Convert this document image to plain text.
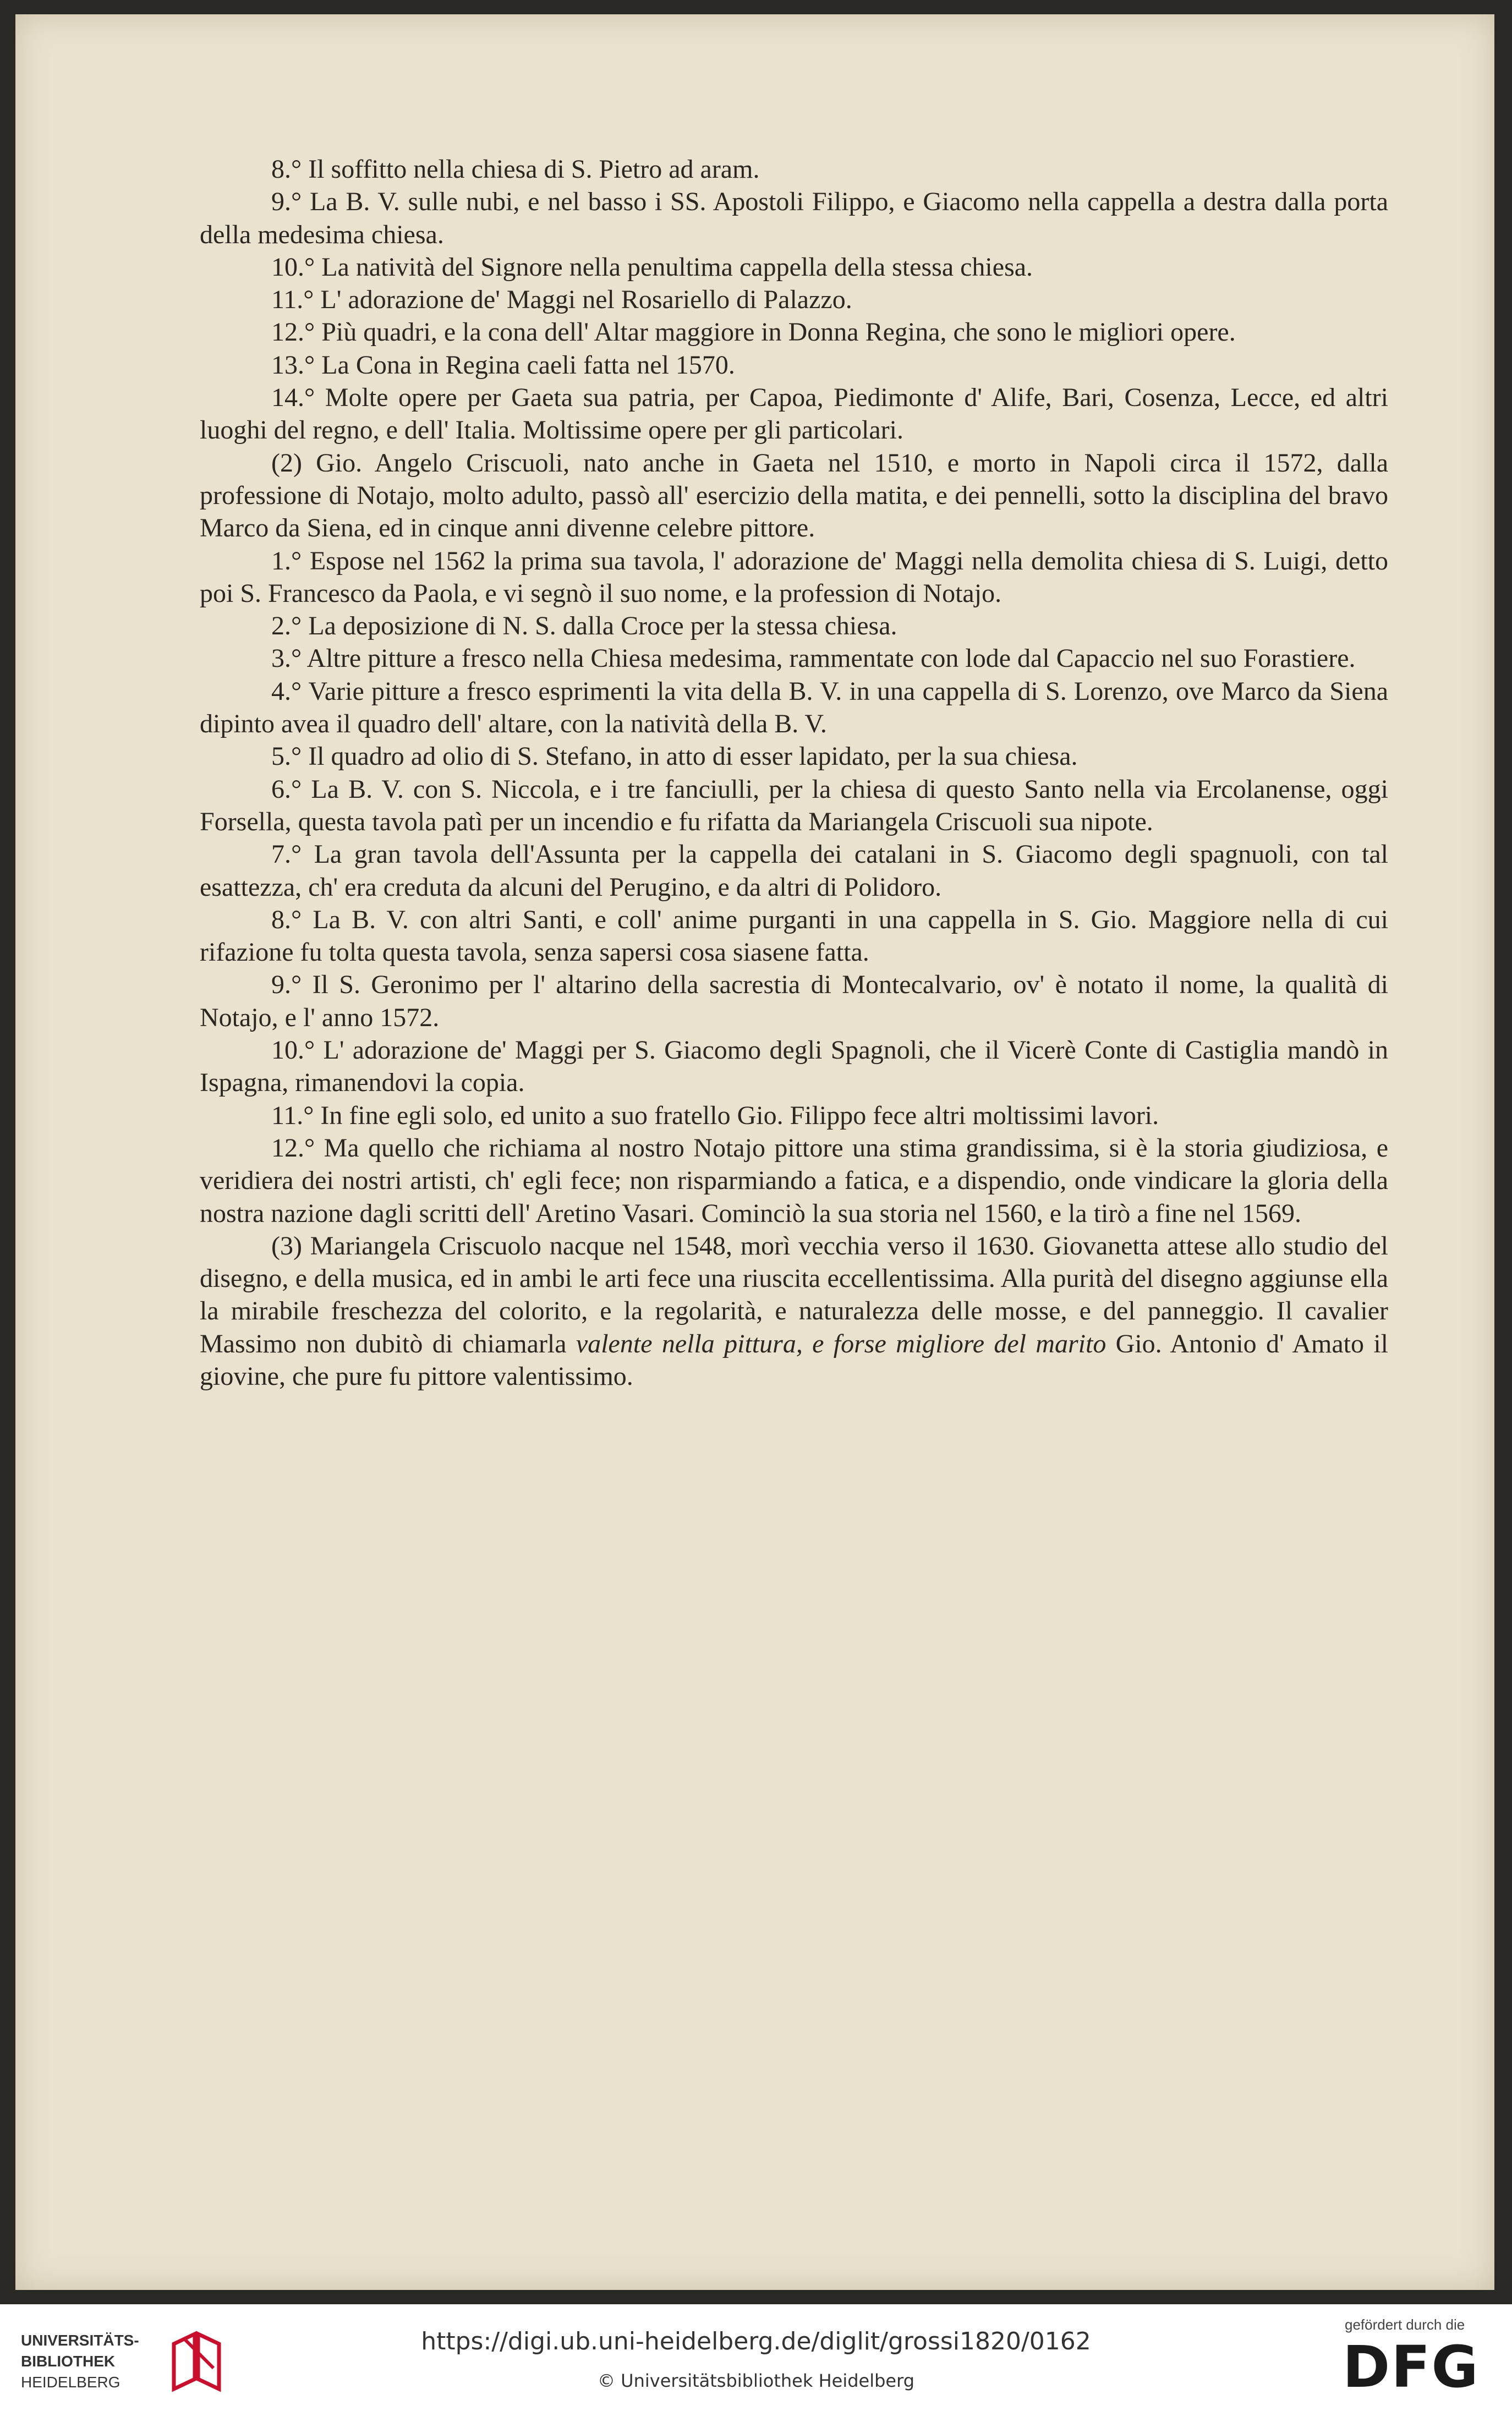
8.° Il soffitto nella chiesa di S. Pietro ad aram.

9.° La B. V. sulle nubi, e nel basso i SS. Apostoli Filippo, e Giacomo nella cappella a destra dalla porta della medesima chiesa.

10.° La natività del Signore nella penultima cappella della stessa chiesa.

11.° L' adorazione de' Maggi nel Rosariello di Palazzo.

12.° Più quadri, e la cona dell' Altar maggiore in Donna Regina, che sono le migliori opere.

13.° La Cona in Regina caeli fatta nel 1570.

14.° Molte opere per Gaeta sua patria, per Capoa, Piedimonte d' Alife, Bari, Cosenza, Lecce, ed altri luoghi del regno, e dell' Italia. Moltissime opere per gli particolari.

(2) Gio. Angelo Criscuoli, nato anche in Gaeta nel 1510, e morto in Napoli circa il 1572, dalla professione di Notajo, molto adulto, passò all' esercizio della matita, e dei pennelli, sotto la disciplina del bravo Marco da Siena, ed in cinque anni divenne celebre pittore.

1.° Espose nel 1562 la prima sua tavola, l' adorazione de' Maggi nella demolita chiesa di S. Luigi, detto poi S. Francesco da Paola, e vi segnò il suo nome, e la profession di Notajo.

2.° La deposizione di N. S. dalla Croce per la stessa chiesa.

3.° Altre pitture a fresco nella Chiesa medesima, rammentate con lode dal Capaccio nel suo Forastiere.

4.° Varie pitture a fresco esprimenti la vita della B. V. in una cappella di S. Lorenzo, ove Marco da Siena dipinto avea il quadro dell' altare, con la natività della B. V.

5.° Il quadro ad olio di S. Stefano, in atto di esser lapidato, per la sua chiesa.

6.° La B. V. con S. Niccola, e i tre fanciulli, per la chiesa di questo Santo nella via Ercolanense, oggi Forsella, questa tavola patì per un incendio e fu rifatta da Mariangela Criscuoli sua nipote.

7.° La gran tavola dell'Assunta per la cappella dei catalani in S. Giacomo degli spagnuoli, con tal esattezza, ch' era creduta da alcuni del Perugino, e da altri di Polidoro.

8.° La B. V. con altri Santi, e coll' anime purganti in una cappella in S. Gio. Maggiore nella di cui rifazione fu tolta questa tavola, senza sapersi cosa siasene fatta.

9.° Il S. Geronimo per l' altarino della sacrestia di Montecalvario, ov' è notato il nome, la qualità di Notajo, e l' anno 1572.

10.° L' adorazione de' Maggi per S. Giacomo degli Spagnoli, che il Vicerè Conte di Castiglia mandò in Ispagna, rimanendovi la copia.

11.° In fine egli solo, ed unito a suo fratello Gio. Filippo fece altri moltissimi lavori.

12.° Ma quello che richiama al nostro Notajo pittore una stima grandissima, si è la storia giudiziosa, e veridiera dei nostri artisti, ch' egli fece; non risparmiando a fatica, e a dispendio, onde vindicare la gloria della nostra nazione dagli scritti dell' Aretino Vasari. Cominciò la sua storia nel 1560, e la tirò a fine nel 1569.

(3) Mariangela Criscuolo nacque nel 1548, morì vecchia verso il 1630. Giovanetta attese allo studio del disegno, e della musica, ed in ambi le arti fece una riuscita eccellentissima. Alla purità del disegno aggiunse ella la mirabile freschezza del colorito, e la regolarità, e naturalezza delle mosse, e del panneggio. Il cavalier Massimo non dubitò di chiamarla valente nella pittura, e forse migliore del marito Gio. Antonio d' Amato il giovine, che pure fu pittore valentissimo.

UNIVERSITÄTS-
BIBLIOTHEK
HEIDELBERG
https://digi.ub.uni-heidelberg.de/diglit/grossi1820/0162
© Universitätsbibliothek Heidelberg
gefördert durch die
DFG
